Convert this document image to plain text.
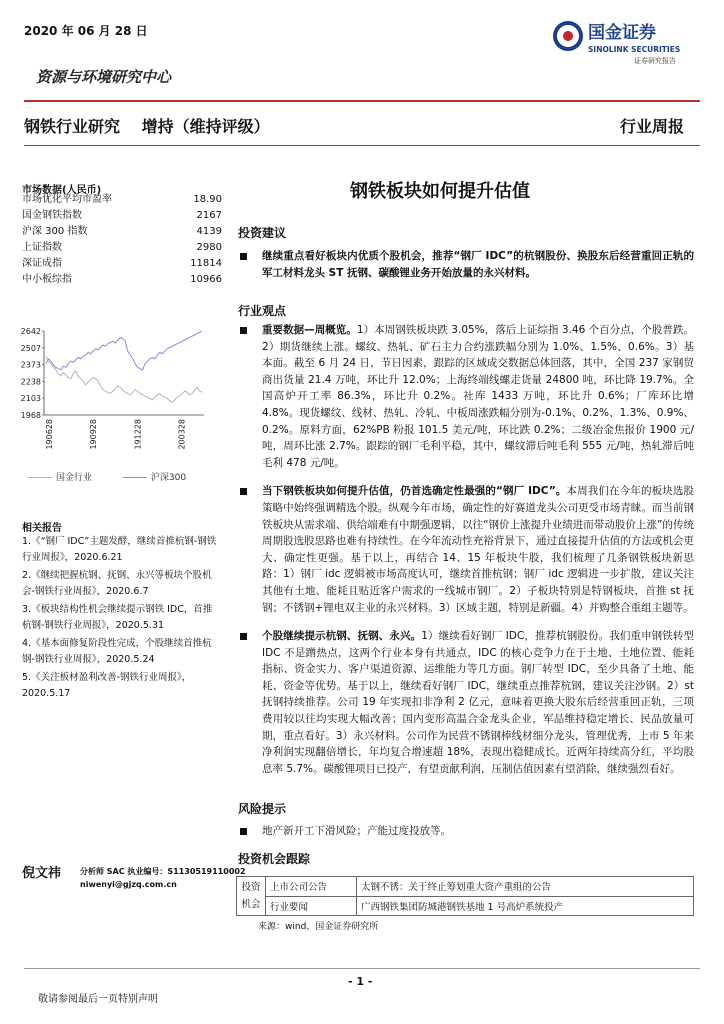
2020 年 06 月 28 日	国金证券
SINOLINK SECURITIES
证券研究报告
资源与环境研究中心
钢铁行业研究　 增持（维持评级）	行业周报
市场数据(人民币)
市场优化平均市盈率	18.90
国金钢铁指数	2167
沪深 300 指数	4139
上证指数	2980
深证成指	11814
中小板综指	10966
2642
2507
2373
2238
2103
1968
190628	190928	191228	200328
国金行业	沪深300
相关报告

1.《“钢厂 IDC”主题发酵，继续首推杭钢-钢铁行业周报》，2020.6.21

2.《继续把握杭钢、抚钢、永兴等板块个股机会-钢铁行业周报》，2020.6.7

3.《板块结构性机会继续提示钢铁 IDC，首推杭钢-钢铁行业周报》，2020.5.31

4.《基本面修复阶段性完成，个股继续首推杭钢-钢铁行业周报》，2020.5.24

5.《关注板材盈利改善-钢铁行业周报》，2020.5.17

倪文祎 分析师 SAC 执业编号：S1130519110002
niwenyi@gjzq.com.cn
钢铁板块如何提升估值
投资建议

继续重点看好板块内优质个股机会，推荐“钢厂 IDC”的杭钢股份、换股东后经营重回正轨的军工材料龙头 ST 抚钢、碳酸锂业务开始放量的永兴材料。

行业观点

重要数据—周概览。1）本周钢铁板块跌 3.05%，落后上证综指 3.46 个百分点，个股普跌。2）期货继续上涨。螺纹、热轧、矿石主力合约涨跌幅分别为 1.0%、1.5%、0.6%。3）基本面。截至 6 月 24 日，节日因素，跟踪的区域成交数据总体回落，其中，全国 237 家钢贸商出货量 21.4 万吨，环比升 12.0%；上海终端线螺走货量 24800 吨，环比降 19.7%。全国高炉开工率 86.3%，环比升 0.2%。社库 1433 万吨，环比升 0.6%；厂库环比增 4.8%。现货螺纹、线材、热轧、冷轧、中板周涨跌幅分别为-0.1%、0.2%、1.3%、0.9%、0.2%。原料方面，62%PB 粉报 101.5 美元/吨，环比跌 0.2%；二级冶金焦报价 1900 元/吨，周环比涨 2.7%。跟踪的钢厂毛利平稳，其中，螺纹滞后吨毛利 555 元/吨，热轧滞后吨毛利 478 元/吨。

当下钢铁板块如何提升估值，仍首选确定性最强的“钢厂 IDC”。本周我们在今年的板块选股策略中始终强调精选个股。纵观今年市场，确定性的好赛道龙头公司更受市场青睐。而当前钢铁板块从需求端、供给端难有中期强逻辑，以往“钢价上涨提升业绩进而带动股价上涨”的传统周期股选股思路也难有持续性。在今年流动性充裕背景下，通过直接提升估值的方法或机会更大、确定性更强。基于以上，再结合 14、15 年板块牛股，我们梳理了几条钢铁板块新思路：1）钢厂 idc 逻辑被市场高度认可，继续首推杭钢；钢厂 idc 逻辑进一步扩散，建议关注其他有土地、能耗且贴近客户需求的一线城市钢厂。2）子板块特别是特钢板块，首推 st 抚钢；不锈钢+锂电双主业的永兴材料。3）区域主题，特别是新疆。4）并购整合重组主题等。

个股继续提示杭钢、抚钢、永兴。1）继续看好钢厂 IDC，推荐杭钢股份。我们重申钢铁转型 IDC 不是蹭热点，这两个行业本身有共通点，IDC 的核心竞争力在于土地、土地位置、能耗指标、资金实力、客户渠道资源、运维能力等几方面。钢厂转型 IDC，至少具备了土地、能耗、资金等优势。基于以上，继续看好钢厂 IDC，继续重点推荐杭钢，建议关注沙钢。2）st 抚钢持续推荐。公司 19 年实现扣非净利 2 亿元，意味着更换大股东后经营重回正轨，三项费用较以往均实现大幅改善；国内变形高温合金龙头企业，军品维持稳定增长、民品放量可期，重点看好。3）永兴材料。公司作为民营不锈钢棒线材细分龙头，管理优秀，上市 5 年来净利润实现翻倍增长，年均复合增速超 18%，表现出稳健成长。近两年持续高分红，平均股息率 5.7%。碳酸锂项目已投产，有望贡献利润，压制估值因素有望消除，继续强烈看好。

风险提示

地产新开工下滑风险；产能过度投放等。

投资机会跟踪
投资机会	上市公司公告	太钢不锈：关于终止筹划重大资产重组的公告
	行业要闻	广西钢铁集团防城港钢铁基地 1 号高炉系统投产
来源：wind、国金证券研究所
- 1 -
敬请参阅最后一页特别声明
